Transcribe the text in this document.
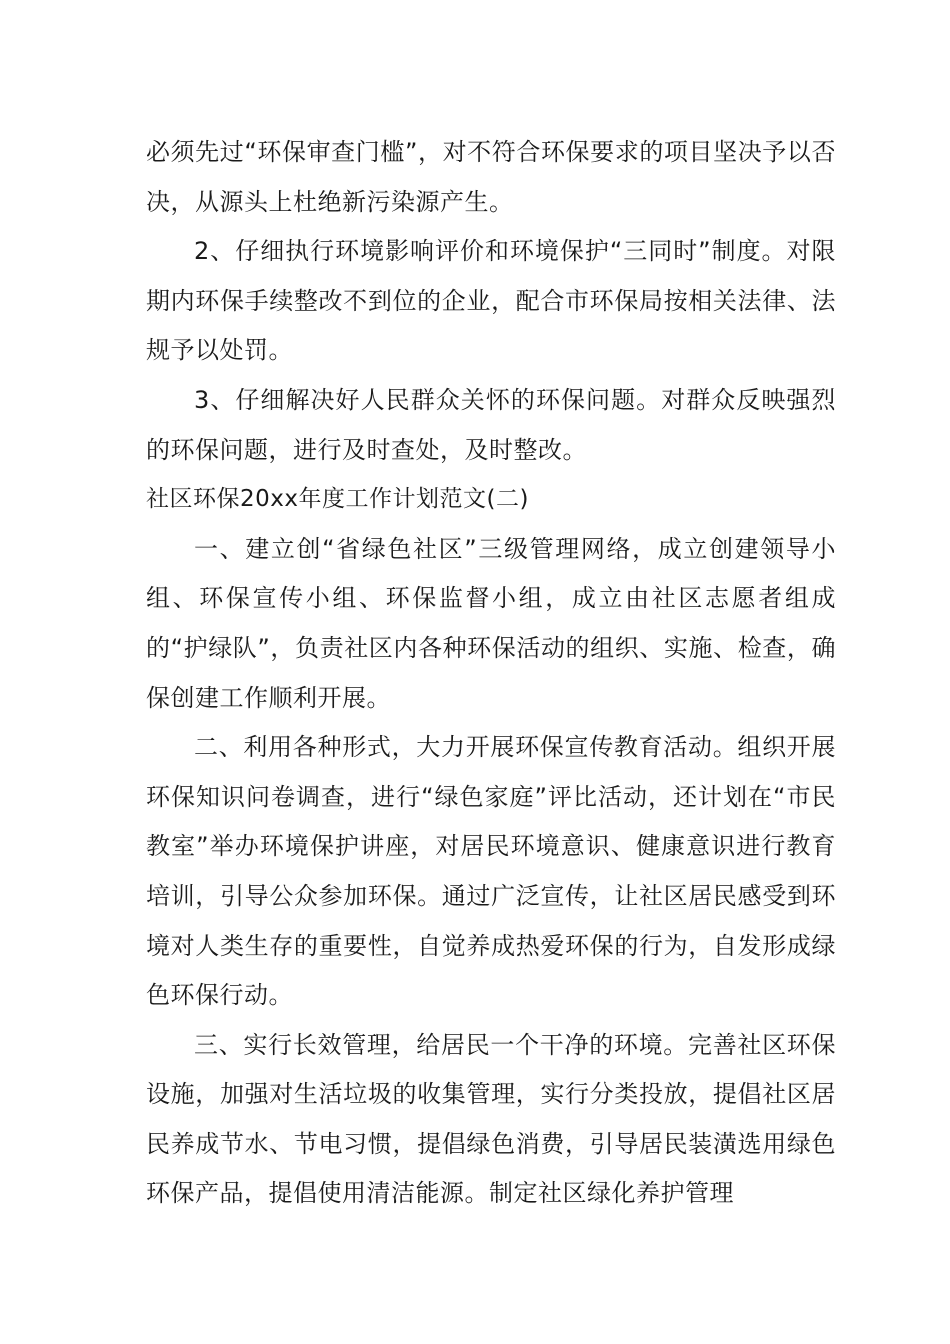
必须先过“环保审查门槛”，对不符合环保要求的项目坚决予以否决，从源头上杜绝新污染源产生。

2、仔细执行环境影响评价和环境保护“三同时”制度。对限期内环保手续整改不到位的企业，配合市环保局按相关法律、法规予以处罚。

3、仔细解决好人民群众关怀的环保问题。对群众反映强烈的环保问题，进行及时查处，及时整改。

社区环保20xx年度工作计划范文(二)

一、建立创“省绿色社区”三级管理网络，成立创建领导小组、环保宣传小组、环保监督小组，成立由社区志愿者组成的“护绿队”，负责社区内各种环保活动的组织、实施、检查，确保创建工作顺利开展。

二、利用各种形式，大力开展环保宣传教育活动。组织开展环保知识问卷调查，进行“绿色家庭”评比活动，还计划在“市民教室”举办环境保护讲座，对居民环境意识、健康意识进行教育培训，引导公众参加环保。通过广泛宣传，让社区居民感受到环境对人类生存的重要性，自觉养成热爱环保的行为，自发形成绿色环保行动。

三、实行长效管理，给居民一个干净的环境。完善社区环保设施，加强对生活垃圾的收集管理，实行分类投放，提倡社区居民养成节水、节电习惯，提倡绿色消费，引导居民装潢选用绿色环保产品，提倡使用清洁能源。制定社区绿化养护管理
